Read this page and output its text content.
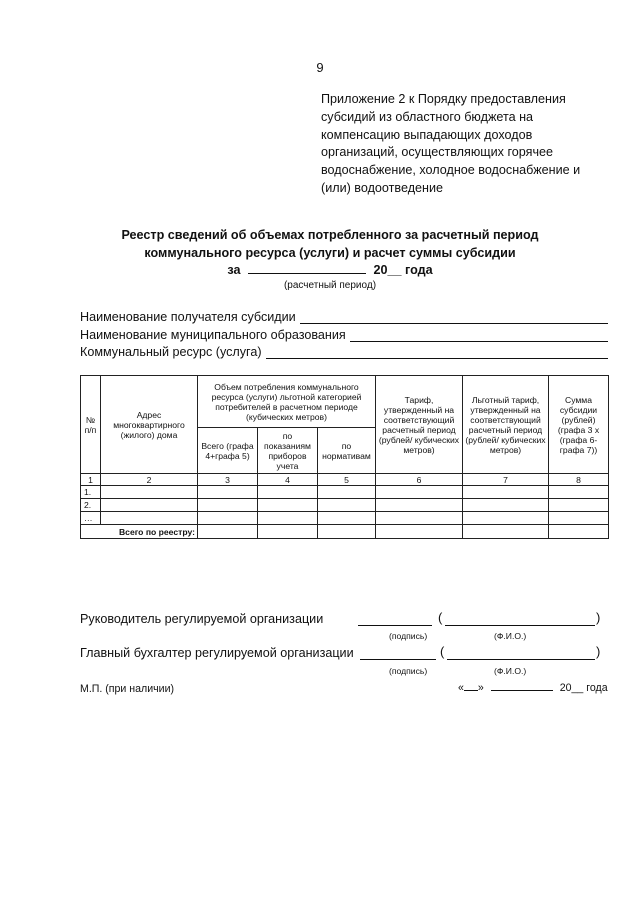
9
Приложение 2 к Порядку предоставления
субсидий из областного бюджета на
компенсацию выпадающих доходов
организаций, осуществляющих горячее
водоснабжение, холодное водоснабжение и
(или) водоотведение
Реестр сведений об объемах потребленного за расчетный период
коммунального ресурса (услуги) и расчет суммы субсидии
за	20__ года
(расчетный период)
Наименование получателя субсидии
Наименование муниципального образования
Коммунальный ресурс (услуга)
№ п/п	Адрес многоквартирного (жилого) дома	Объем потребления коммунального ресурса (услуги) льготной категорией потребителей в расчетном периоде (кубических метров)			Тариф, утвержденный на соответствующий расчетный период (рублей/ кубических метров)	Льготный тариф, утвержденный на соответствующий расчетный период (рублей/ кубических метров)	Сумма субсидии (рублей) (графа 3 х (графа 6- графа 7))
		Всего (графа 4+графа 5)	по показаниям приборов учета	по нормативам			
1	2	3	4	5	6	7	8
1.							
2.							
…							
Всего по реестру:							
Руководитель регулируемой организации	(	)
(подпись)	(Ф.И.О.)
Главный бухгалтер регулируемой организации	(	)
(подпись)	(Ф.И.О.)
М.П. (при наличии)	« »	20__ года
